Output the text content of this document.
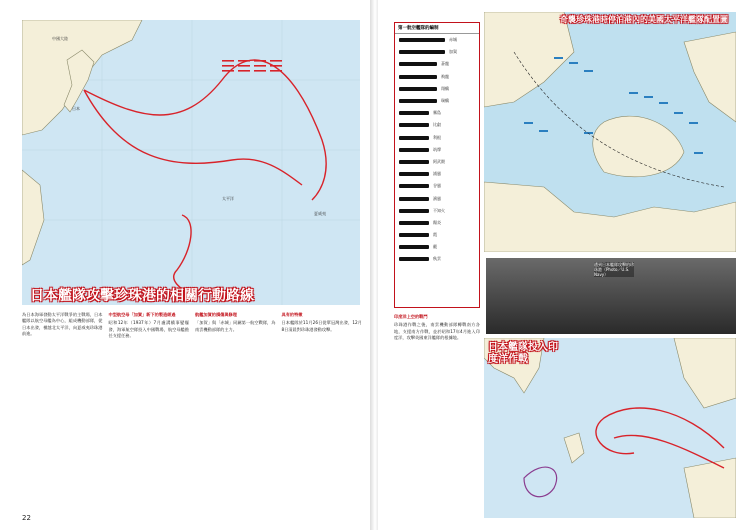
中國大陸
日本
太平洋
夏威夷
日本艦隊攻擊珍珠港的相關行動路線

為日本海軍發動太平洋戰爭的主戰場，日本艦隊以航空母艦為中心，組成機動部隊，從日本出發，橫越北太平洋，向夏威夷珍珠港前進。

中型航空母「加賀」新下的製造經過

昭和12年（1937年）7月盧溝橋事變爆發，海軍航空隊投入中國戰場，航空母艦擔任支援任務。

航艦加賀的損傷與修理

「加賀」與「赤城」同屬第一航空戰隊，為南雲機動部隊的主力。

具有的特徵

日本艦隊於11月26日從單冠灣出發，12月8日清晨對珍珠港發動攻擊。

22
第一航空艦隊的編制
赤城
加賀
蒼龍
飛龍
翔鶴
瑞鶴
霧島
比叡
利根
筑摩
阿武隈
浦風
谷風
濱風
不知火
陽炎
霞
霰
秋雲
奇襲珍珠港時停泊港內的美國太平洋艦隊配置圖
遭到日本艦隊攻擊的珍珠港（Photo／U.S. Navy）
印度洋上空的戰鬥

珍珠港作戰之後，南雲機動部隊轉戰南方各地，支援南方作戰，並於昭和17年4月進入印度洋，攻擊英國東洋艦隊的根據地。

日本艦隊投入印度洋作戰
